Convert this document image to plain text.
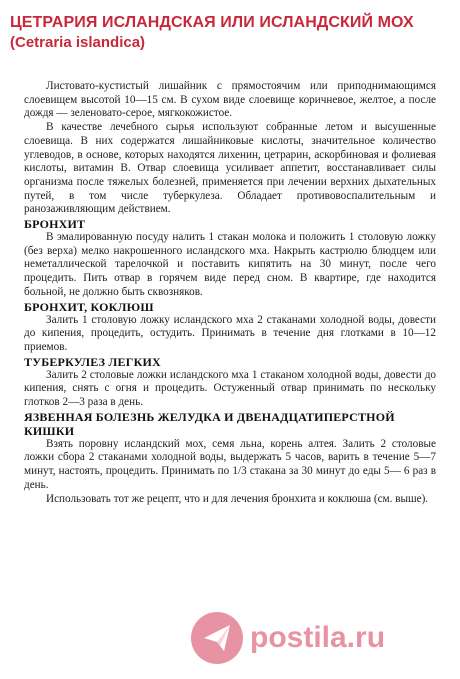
ЦЕТРАРИЯ ИСЛАНДСКАЯ ИЛИ ИСЛАНДСКИЙ МОХ
(Cetraria islandica)

Листовато-кустистый лишайник с прямостоячим или приподнимающимся слоевищем высотой 10—15 см. В сухом виде слоевище коричневое, желтое, а после дождя — зеленовато-серое, мягкокожистое.

В качестве лечебного сырья используют собранные летом и высушенные слоевища. В них содержатся лишайниковые кислоты, значительное количество углеводов, в основе, которых находятся лихенин, цетрарин, аскорбиновая и фолиевая кислоты, витамин B. Отвар слоевища усиливает аппетит, восстанавливает силы организма после тяжелых болезней, применяется при лечении верхних дыхательных путей, в том числе туберкулеза. Обладает противовоспалительным и ранозаживляющим действием.

БРОНХИТ

В эмалированную посуду налить 1 стакан молока и положить 1 столовую ложку (без верха) мелко накрошенного исландского мха. Накрыть кастрюлю блюдцем или неметаллической тарелочкой и поставить кипятить на 30 минут, после чего процедить. Пить отвар в горячем виде перед сном. В квартире, где находится больной, не должно быть сквозняков.

БРОНХИТ, КОКЛЮШ

Залить 1 столовую ложку исландского мха 2 стаканами холодной воды, довести до кипения, процедить, остудить. Принимать в течение дня глотками в 10—12 приемов.

ТУБЕРКУЛЕЗ ЛЕГКИХ

Залить 2 столовые ложки исландского мха 1 стаканом холодной воды, довести до кипения, снять с огня и процедить. Остуженный отвар принимать по нескольку глотков 2—3 раза в день.

ЯЗВЕННАЯ БОЛЕЗНЬ ЖЕЛУДКА И ДВЕНАДЦАТИПЕРСТНОЙ КИШКИ

Взять поровну исландский мох, семя льна, корень алтея. Залить 2 столовые ложки сбора 2 стаканами холодной воды, выдержать 5 часов, варить в течение 5—7 минут, настоять, процедить. Принимать по 1/3 стакана за 30 минут до еды 5— 6 раз в день.

Использовать тот же рецепт, что и для лечения бронхита и коклюша (см. выше).

postila.ru
